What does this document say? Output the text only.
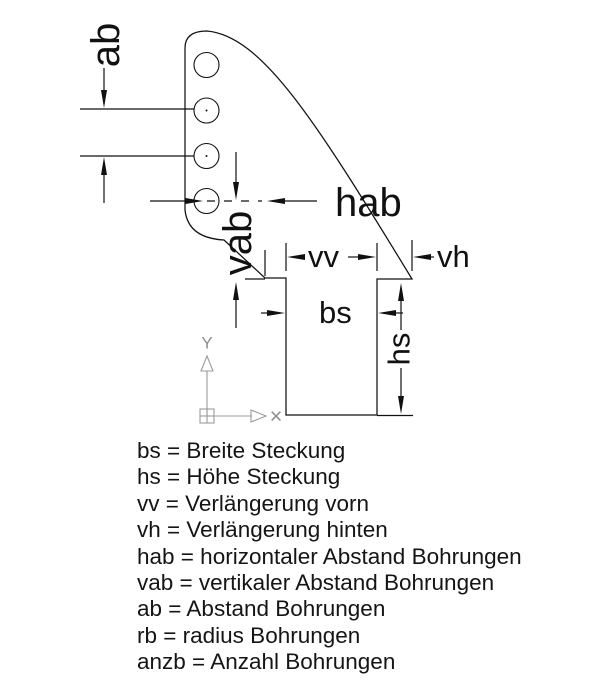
ab
hab
vab vv	vh
bs
hs
Y
×
bs = Breite Steckung
hs = Höhe Steckung
vv = Verlängerung vorn
vh = Verlängerung hinten
hab = horizontaler Abstand Bohrungen
vab = vertikaler Abstand Bohrungen
ab = Abstand Bohrungen
rb = radius Bohrungen
anzb = Anzahl Bohrungen
